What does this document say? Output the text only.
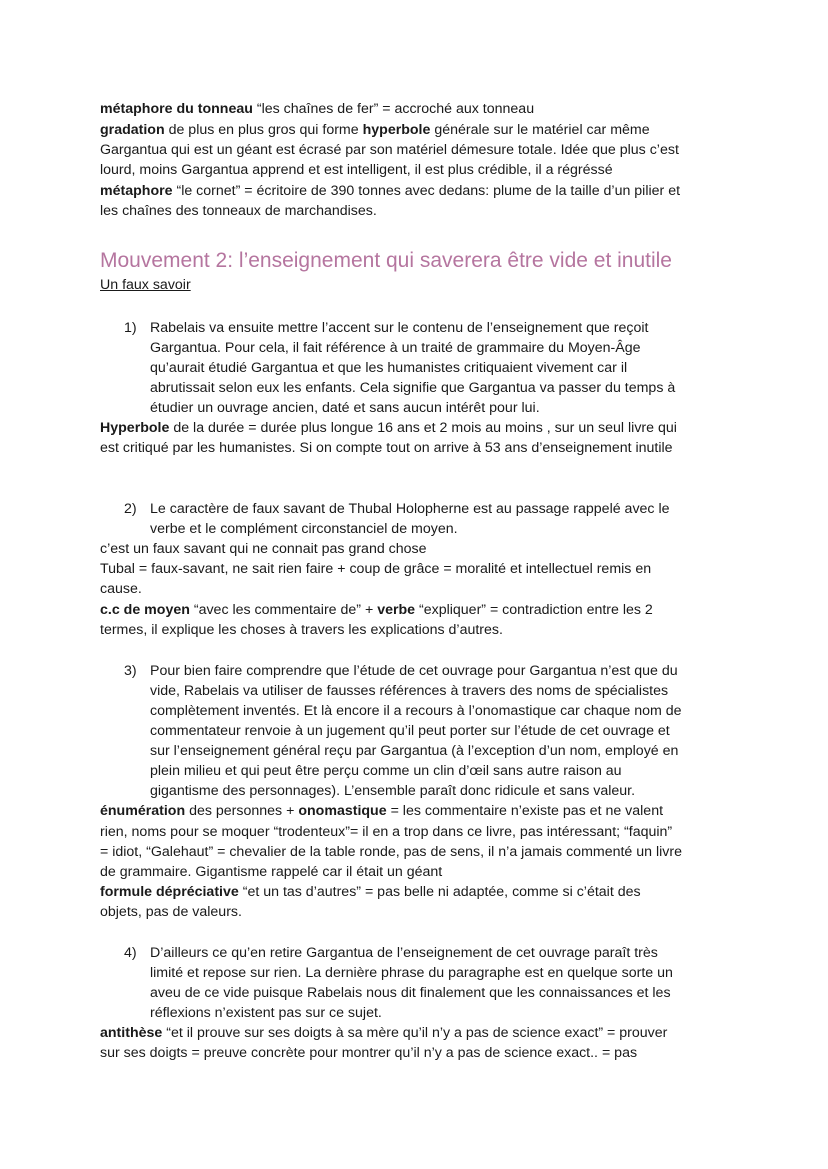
métaphore du tonneau “les chaînes de fer” = accroché aux tonneau

gradation de plus en plus gros qui forme hyperbole générale sur le matériel car même

Gargantua qui est un géant est écrasé par son matériel démesure totale. Idée que plus c’est

lourd, moins Gargantua apprend et est intelligent, il est plus crédible, il a régréssé

métaphore “le cornet” = écritoire de 390 tonnes avec dedans: plume de la taille d’un pilier et

les chaînes des tonneaux de marchandises.

Mouvement 2: l’enseignement qui saverera être vide et inutile

Un faux savoir

1) Rabelais va ensuite mettre l’accent sur le contenu de l’enseignement que reçoit

Gargantua. Pour cela, il fait référence à un traité de grammaire du Moyen-Âge

qu’aurait étudié Gargantua et que les humanistes critiquaient vivement car il

abrutissait selon eux les enfants. Cela signifie que Gargantua va passer du temps à

étudier un ouvrage ancien, daté et sans aucun intérêt pour lui.

Hyperbole de la durée = durée plus longue 16 ans et 2 mois au moins , sur un seul livre qui

est critiqué par les humanistes. Si on compte tout on arrive à 53 ans d’enseignement inutile

2) Le caractère de faux savant de Thubal Holopherne est au passage rappelé avec le

verbe et le complément circonstanciel de moyen.

c’est un faux savant qui ne connait pas grand chose

Tubal = faux-savant, ne sait rien faire + coup de grâce = moralité et intellectuel remis en

cause.

c.c de moyen “avec les commentaire de” + verbe “expliquer” = contradiction entre les 2

termes, il explique les choses à travers les explications d’autres.

3) Pour bien faire comprendre que l’étude de cet ouvrage pour Gargantua n’est que du

vide, Rabelais va utiliser de fausses références à travers des noms de spécialistes

complètement inventés. Et là encore il a recours à l’onomastique car chaque nom de

commentateur renvoie à un jugement qu’il peut porter sur l’étude de cet ouvrage et

sur l’enseignement général reçu par Gargantua (à l’exception d’un nom, employé en

plein milieu et qui peut être perçu comme un clin d’œil sans autre raison au

gigantisme des personnages). L’ensemble paraît donc ridicule et sans valeur.

énumération des personnes + onomastique = les commentaire n’existe pas et ne valent

rien, noms pour se moquer “trodenteux”= il en a trop dans ce livre, pas intéressant; “faquin”

= idiot, “Galehaut” = chevalier de la table ronde, pas de sens, il n’a jamais commenté un livre

de grammaire. Gigantisme rappelé car il était un géant

formule dépréciative “et un tas d’autres” = pas belle ni adaptée, comme si c’était des

objets, pas de valeurs.

4) D’ailleurs ce qu’en retire Gargantua de l’enseignement de cet ouvrage paraît très

limité et repose sur rien. La dernière phrase du paragraphe est en quelque sorte un

aveu de ce vide puisque Rabelais nous dit finalement que les connaissances et les

réflexions n’existent pas sur ce sujet.

antithèse “et il prouve sur ses doigts à sa mère qu’il n’y a pas de science exact” = prouver

sur ses doigts = preuve concrète pour montrer qu’il n’y a pas de science exact.. = pas
